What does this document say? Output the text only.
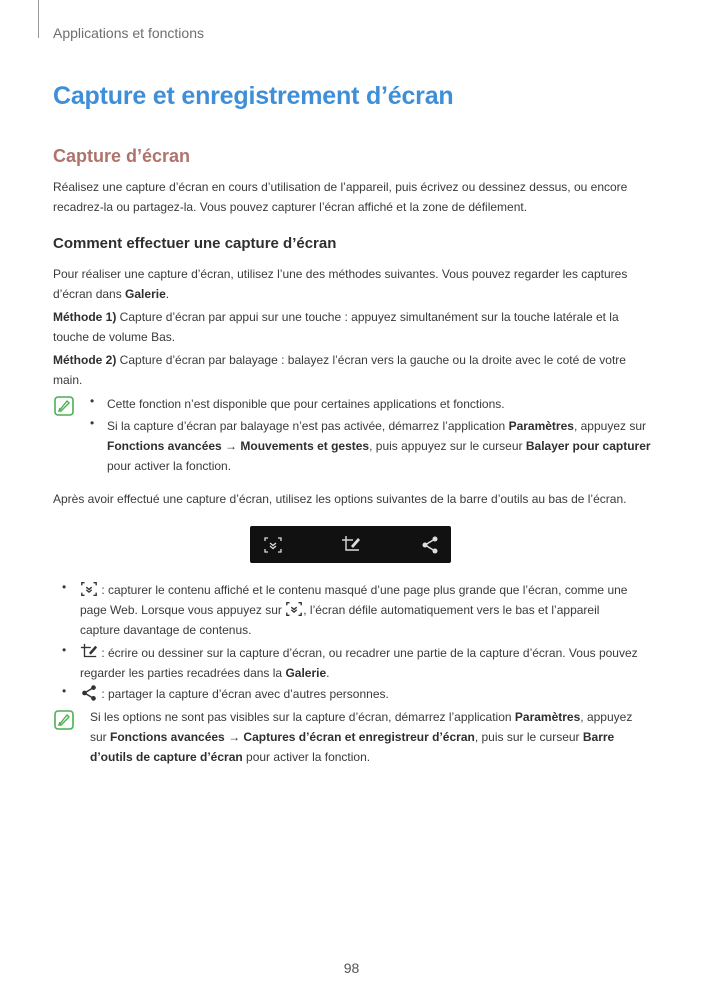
Applications et fonctions
Capture et enregistrement d’écran
Capture d’écran

Réalisez une capture d’écran en cours d’utilisation de l’appareil, puis écrivez ou dessinez dessus, ou encore recadrez-la ou partagez-la. Vous pouvez capturer l’écran affiché et la zone de défilement.

Comment effectuer une capture d’écran

Pour réaliser une capture d’écran, utilisez l’une des méthodes suivantes. Vous pouvez regarder les captures d’écran dans Galerie.

Méthode 1) Capture d’écran par appui sur une touche : appuyez simultanément sur la touche latérale et la touche de volume Bas.

Méthode 2) Capture d’écran par balayage : balayez l’écran vers la gauche ou la droite avec le coté de votre main.

• Cette fonction n’est disponible que pour certaines applications et fonctions.

• Si la capture d’écran par balayage n’est pas activée, démarrez l’application Paramètres, appuyez sur Fonctions avancées → Mouvements et gestes, puis appuyez sur le curseur Balayer pour capturer pour activer la fonction.

Après avoir effectué une capture d’écran, utilisez les options suivantes de la barre d’outils au bas de l’écran.

•	: capturer le contenu affiché et le contenu masqué d’une page plus grande que l’écran, comme une page Web. Lorsque vous appuyez sur , l’écran défile automatiquement vers le bas et l’appareil capture davantage de contenus.

•	: écrire ou dessiner sur la capture d’écran, ou recadrer une partie de la capture d’écran. Vous pouvez regarder les parties recadrées dans la Galerie.

•	: partager la capture d’écran avec d’autres personnes.

Si les options ne sont pas visibles sur la capture d’écran, démarrez l’application Paramètres, appuyez sur Fonctions avancées → Captures d’écran et enregistreur d’écran, puis sur le curseur Barre d’outils de capture d’écran pour activer la fonction.

98
